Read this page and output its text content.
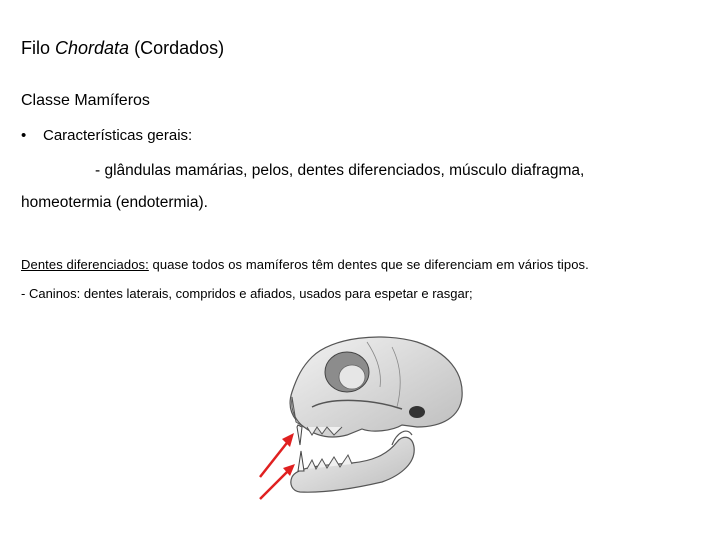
Filo Chordata (Cordados)
Classe Mamíferos
• Características gerais:
- glândulas mamárias, pelos, dentes diferenciados, músculo diafragma,
homeotermia (endotermia).
Dentes diferenciados: quase todos os mamíferos têm dentes que se diferenciam em vários tipos.
- Caninos: dentes laterais, compridos e afiados, usados para espetar e rasgar;
